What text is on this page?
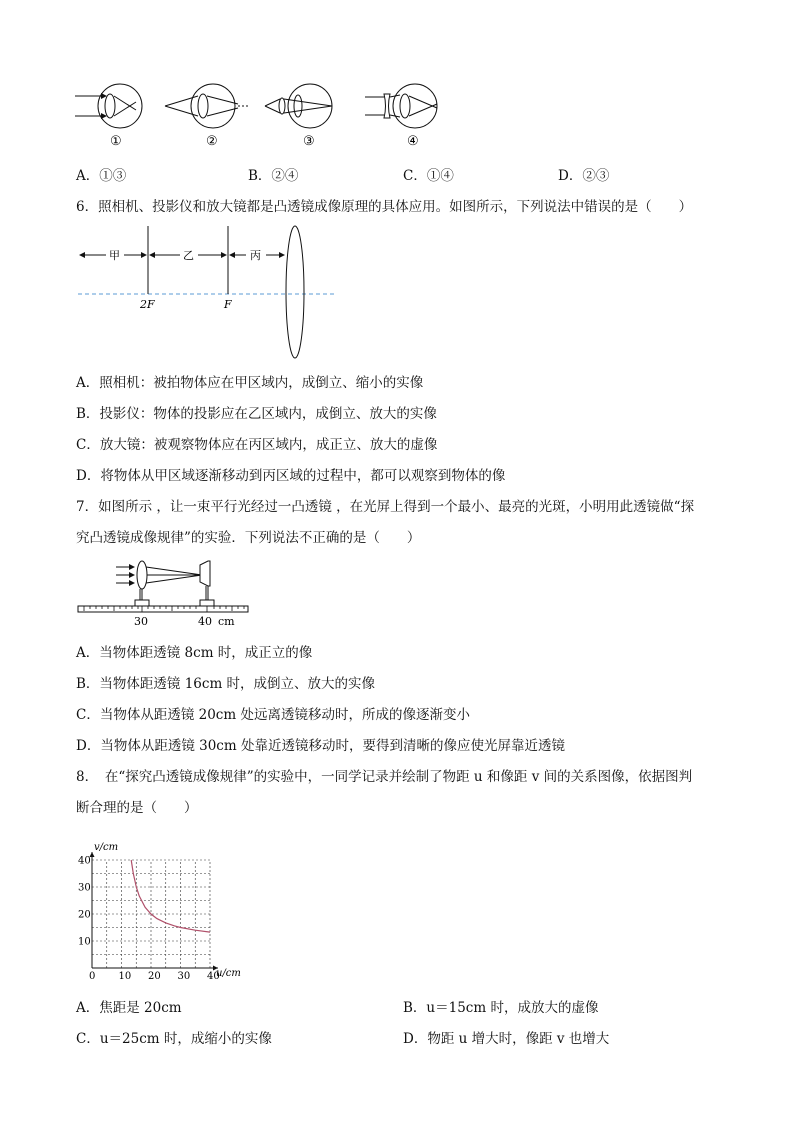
①	②	③	④
A．①③	B．②④	C．①④	D．②③
6．照相机、投影仪和放大镜都是凸透镜成像原理的具体应用。如图所示，下列说法中错误的是（　　）
甲	乙	丙
2F	F
A．照相机：被拍物体应在甲区域内，成倒立、缩小的实像
B．投影仪：物体的投影应在乙区域内，成倒立、放大的实像
C．放大镜：被观察物体应在丙区域内，成正立、放大的虚像
D．将物体从甲区域逐渐移动到丙区域的过程中，都可以观察到物体的像
7．如图所示 ，让一束平行光经过一凸透镜 ，在光屏上得到一个最小、最亮的光斑，小明用此透镜做“探
究凸透镜成像规律”的实验．下列说法不正确的是（　　）
30	40 cm
A．当物体距透镜 8cm 时，成正立的像
B．当物体距透镜 16cm 时，成倒立、放大的实像
C．当物体从距透镜 20cm 处远离透镜移动时，所成的像逐渐变小
D．当物体从距透镜 30cm 处靠近透镜移动时，要得到清晰的像应使光屏靠近透镜
8．　在“探究凸透镜成像规律”的实验中，一同学记录并绘制了物距 u 和像距 v 间的关系图像，依据图判
断合理的是（　　）
0 10 20 30 40
10
20
30
40
v/cm
u/cm
A．焦距是 20cm	B．u＝15cm 时，成放大的虚像
C．u＝25cm 时，成缩小的实像	D．物距 u 增大时，像距 v 也增大
